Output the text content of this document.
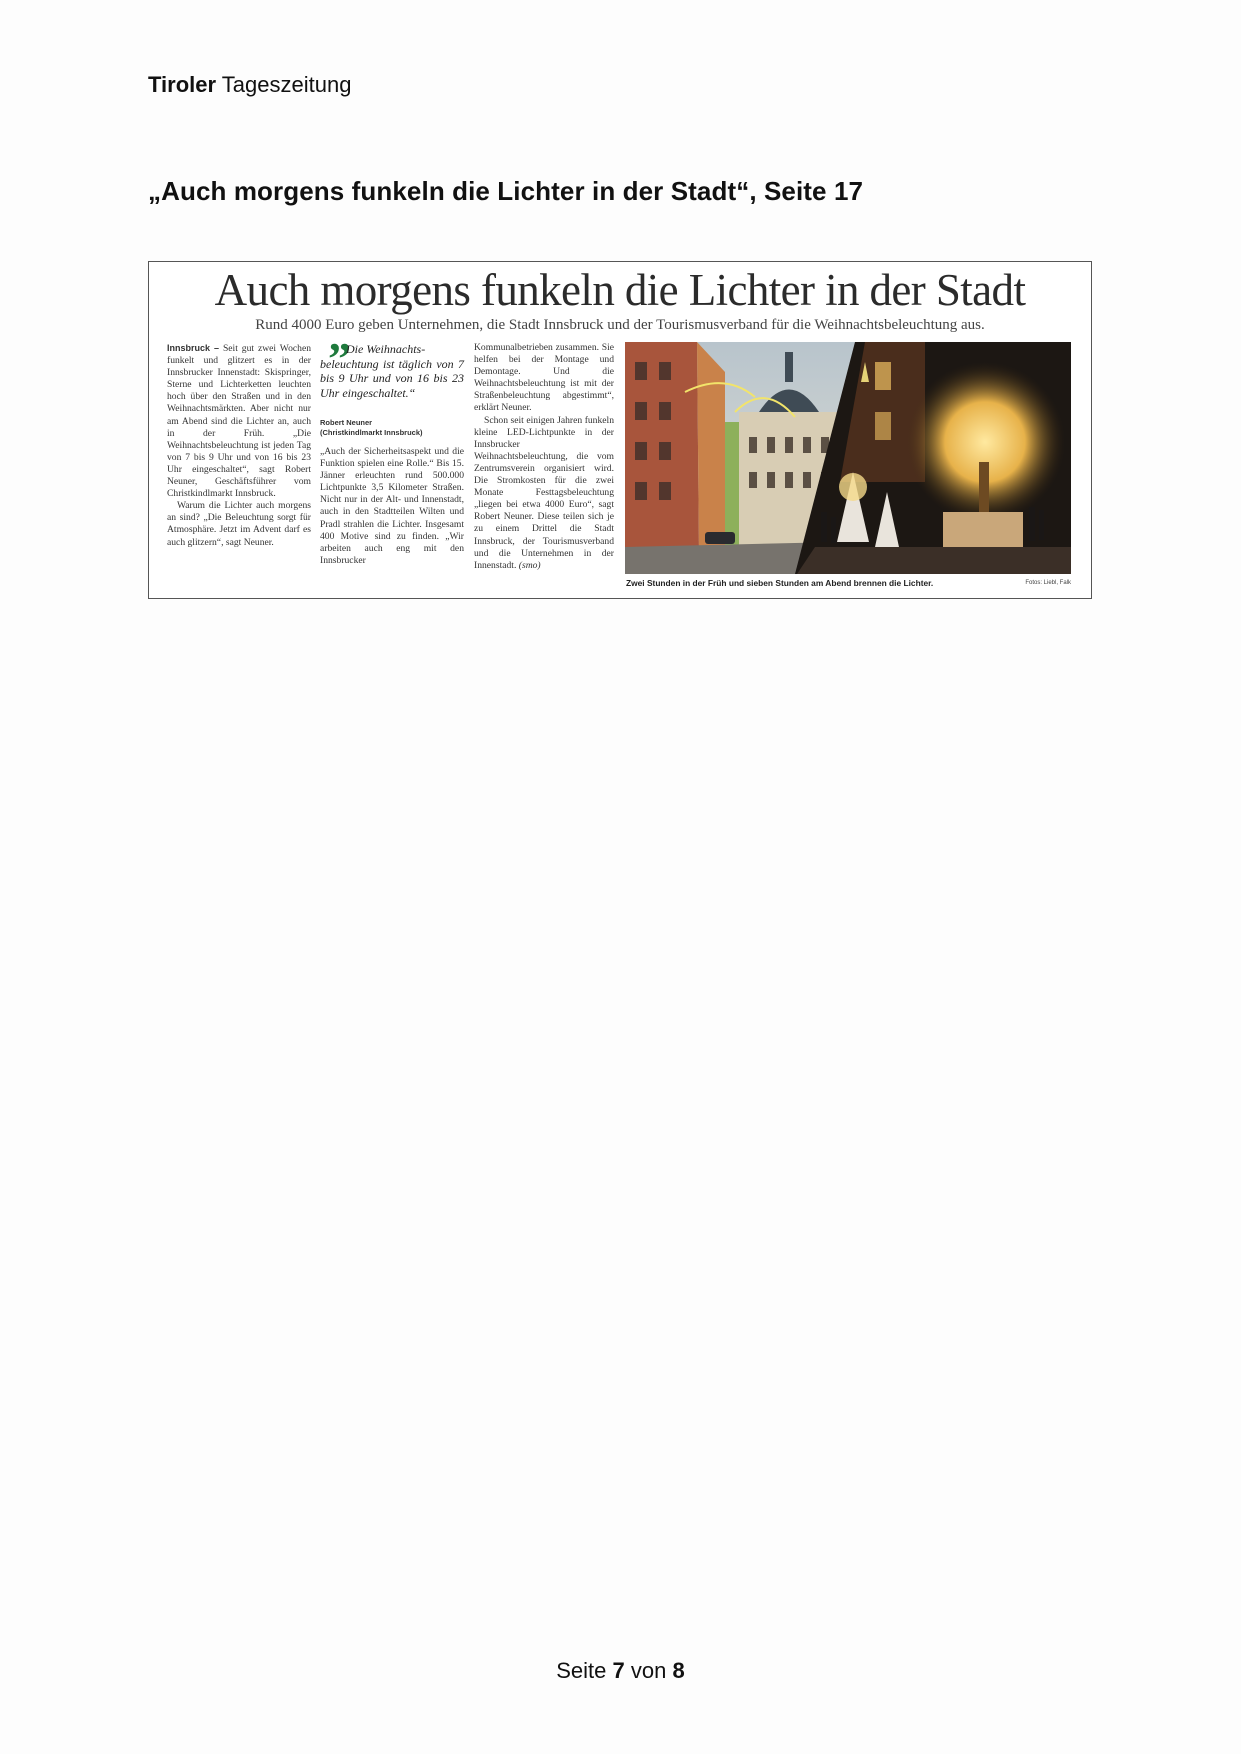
Tiroler Tageszeitung
„Auch morgens funkeln die Lichter in der Stadt“, Seite 17
Auch morgens funkeln die Lichter in der Stadt
Rund 4000 Euro geben Unternehmen, die Stadt Innsbruck und der Tourismusverband für die Weihnachtsbeleuchtung aus.

Innsbruck – Seit gut zwei Wochen funkelt und glitzert es in der Innsbrucker Innenstadt: Skispringer, Sterne und Lichterketten leuchten hoch über den Straßen und in den Weihnachtsmärkten. Aber nicht nur am Abend sind die Lichter an, auch in der Früh. „Die Weihnachtsbeleuchtung ist jeden Tag von 7 bis 9 Uhr und von 16 bis 23 Uhr eingeschaltet“, sagt Robert Neuner, Geschäftsführer vom Christkindlmarkt Innsbruck.

Warum die Lichter auch morgens an sind? „Die Beleuchtung sorgt für Atmosphäre. Jetzt im Advent darf es auch glitzern“, sagt Neuner.

”
Die Weihnachts-
beleuchtung ist täglich von 7 bis 9 Uhr und von 16 bis 23 Uhr eingeschaltet.“
Robert Neuner
(Christkindlmarkt Innsbruck)

„Auch der Sicherheitsaspekt und die Funktion spielen eine Rolle.“ Bis 15. Jänner erleuchten rund 500.000 Lichtpunkte 3,5 Kilometer Straßen. Nicht nur in der Alt- und Innenstadt, auch in den Stadtteilen Wilten und Pradl strahlen die Lichter. Insgesamt 400 Motive sind zu finden. „Wir arbeiten auch eng mit den Innsbrucker

Kommunalbetrieben zusammen. Sie helfen bei der Montage und Demontage. Und die Weihnachtsbeleuchtung ist mit der Straßenbeleuchtung abgestimmt“, erklärt Neuner.

Schon seit einigen Jahren funkeln kleine LED-Lichtpunkte in der Innsbrucker Weihnachtsbeleuchtung, die vom Zentrumsverein organisiert wird. Die Stromkosten für die zwei Monate Festtagsbeleuchtung „liegen bei etwa 4000 Euro“, sagt Robert Neuner. Diese teilen sich je zu einem Drittel die Stadt Innsbruck, der Tourismusverband und die Unternehmen in der Innenstadt. (smo)

Zwei Stunden in der Früh und sieben Stunden am Abend brennen die Lichter.	Fotos: Liebl, Falk
Seite 7 von 8
